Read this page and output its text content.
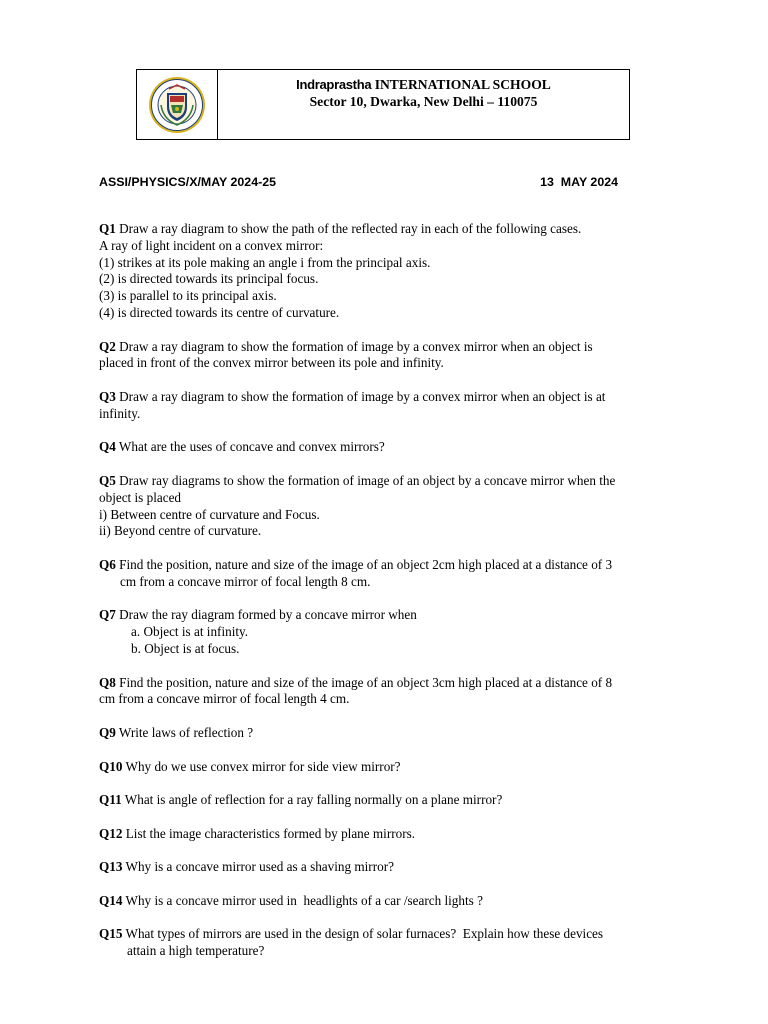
Indraprastha INTERNATIONAL SCHOOL
Sector 10, Dwarka, New Delhi – 110075
ASSI/PHYSICS/X/MAY 2024-25	13  MAY 2024

Q1 Draw a ray diagram to show the path of the reflected ray in each of the following cases.

A ray of light incident on a convex mirror:

(1) strikes at its pole making an angle i from the principal axis.

(2) is directed towards its principal focus.

(3) is parallel to its principal axis.

(4) is directed towards its centre of curvature.

Q2 Draw a ray diagram to show the formation of image by a convex mirror when an object is

placed in front of the convex mirror between its pole and infinity.

Q3 Draw a ray diagram to show the formation of image by a convex mirror when an object is at

infinity.

Q4 What are the uses of concave and convex mirrors?

Q5 Draw ray diagrams to show the formation of image of an object by a concave mirror when the

object is placed

i) Between centre of curvature and Focus.

ii) Beyond centre of curvature.

Q6 Find the position, nature and size of the image of an object 2cm high placed at a distance of 3

cm from a concave mirror of focal length 8 cm.

Q7 Draw the ray diagram formed by a concave mirror when

a. Object is at infinity.

b. Object is at focus.

Q8 Find the position, nature and size of the image of an object 3cm high placed at a distance of 8

cm from a concave mirror of focal length 4 cm.

Q9 Write laws of reflection ?

Q10 Why do we use convex mirror for side view mirror?

Q11 What is angle of reflection for a ray falling normally on a plane mirror?

Q12 List the image characteristics formed by plane mirrors.

Q13 Why is a concave mirror used as a shaving mirror?

Q14 Why is a concave mirror used in  headlights of a car /search lights ?

Q15 What types of mirrors are used in the design of solar furnaces?  Explain how these devices

attain a high temperature?
